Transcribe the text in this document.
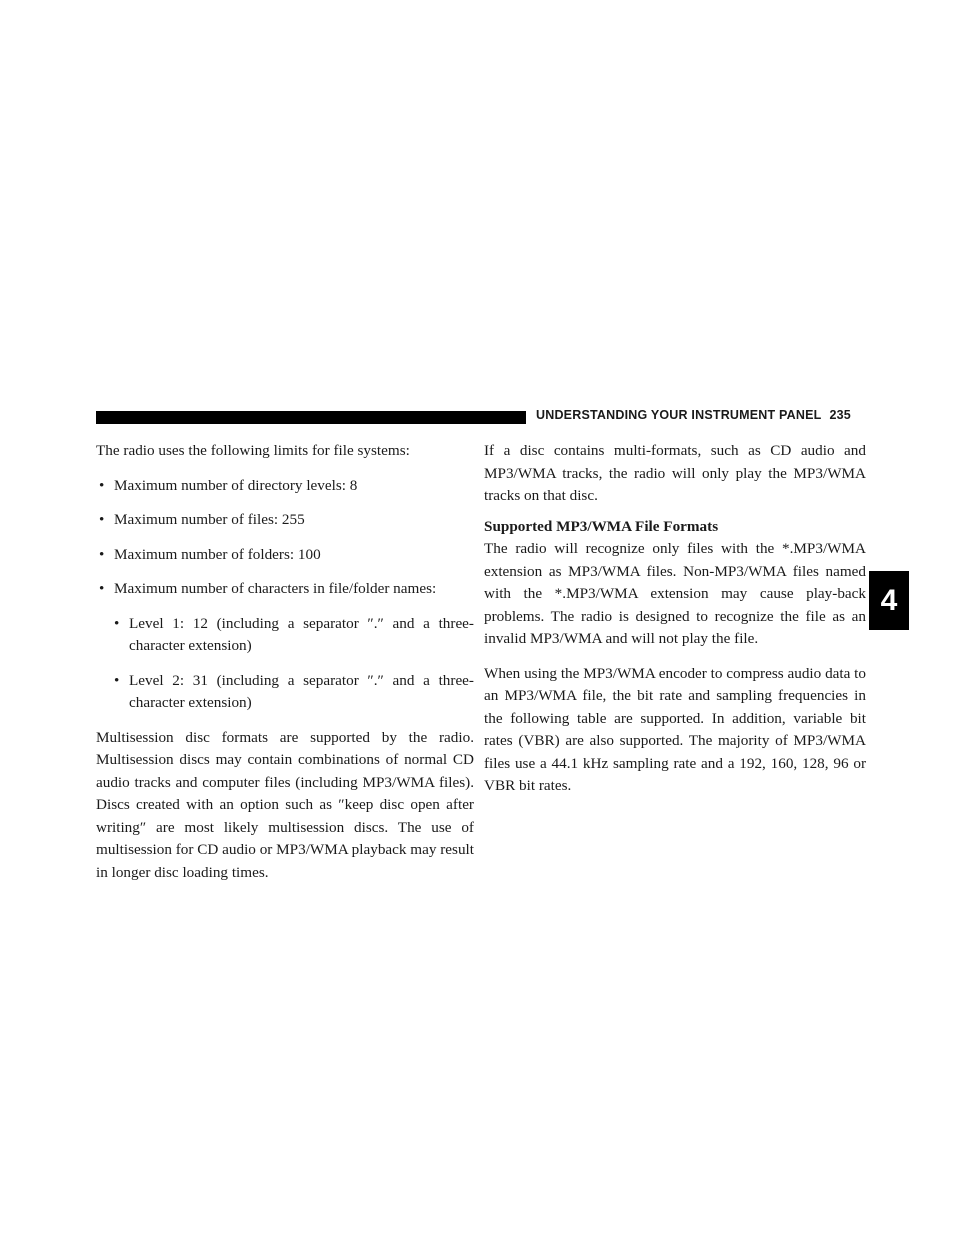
UNDERSTANDING YOUR INSTRUMENT PANEL 235
4

The radio uses the following limits for file systems:

• Maximum number of directory levels: 8
• Maximum number of files: 255
• Maximum number of folders: 100
• Maximum number of characters in file/folder names:
• Level 1: 12 (including a separator ″.″ and a three-character extension)
• Level 2: 31 (including a separator ″.″ and a three-character extension)

Multisession disc formats are supported by the radio. Multisession discs may contain combinations of normal CD audio tracks and computer files (including MP3/WMA files). Discs created with an option such as ″keep disc open after writing″ are most likely multisession discs. The use of multisession for CD audio or MP3/WMA playback may result in longer disc loading times.

If a disc contains multi-formats, such as CD audio and MP3/WMA tracks, the radio will only play the MP3/WMA tracks on that disc.

Supported MP3/WMA File Formats

The radio will recognize only files with the *.MP3/WMA extension as MP3/WMA files. Non-MP3/WMA files named with the *.MP3/WMA extension may cause play-back problems. The radio is designed to recognize the file as an invalid MP3/WMA and will not play the file.

When using the MP3/WMA encoder to compress audio data to an MP3/WMA file, the bit rate and sampling frequencies in the following table are supported. In addition, variable bit rates (VBR) are also supported. The majority of MP3/WMA files use a 44.1 kHz sampling rate and a 192, 160, 128, 96 or VBR bit rates.
